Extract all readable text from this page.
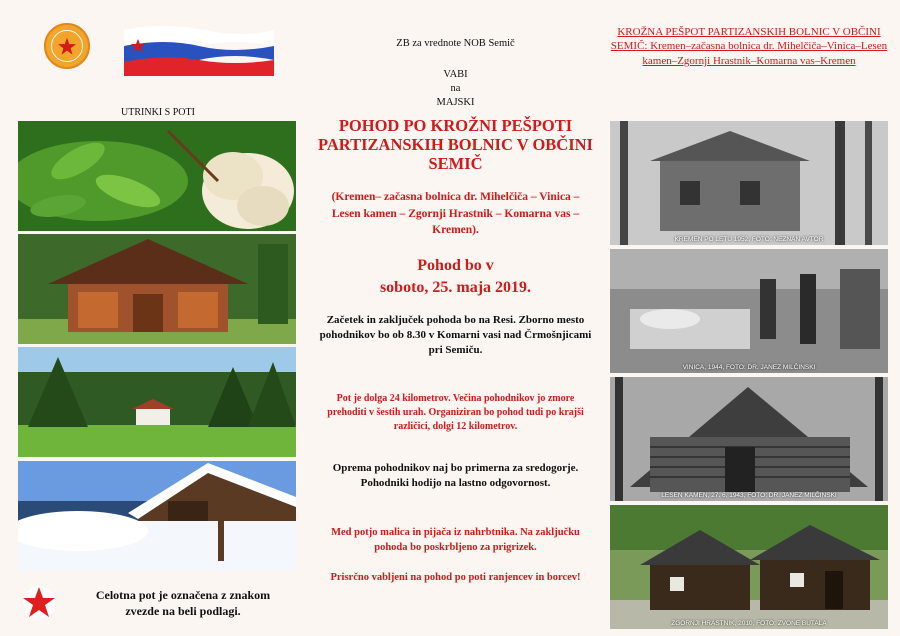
UTRINKI S POTI
Celotna pot je označena z znakom zvezde na beli podlagi.
ZB za vrednote NOB Semič
VABI
na
MAJSKI
POHOD PO KROŽNI PEŠPOTI PARTIZANSKIH BOLNIC V OBČINI SEMIČ
(Kremen– začasna bolnica dr. Mihelčiča – Vinica – Lesen kamen – Zgornji Hrastnik – Komarna vas – Kremen).
Pohod bo v
soboto, 25. maja 2019.
Začetek in zaključek pohoda bo na Resi. Zborno mesto pohodnikov bo ob 8.30 v Komarni vasi nad Črmošnjicami pri Semiču.
Pot je dolga 24 kilometrov. Večina pohodnikov jo zmore prehoditi v šestih urah. Organiziran bo pohod tudi po krajši različici, dolgi 12 kilometrov.
Oprema pohodnikov naj bo primerna za sredogorje. Pohodniki hodijo na lastno odgovornost.
Med potjo malica in pijača iz nahrbtnika. Na zaključku pohoda bo poskrbljeno za prigrizek.
Prisrčno vabljeni na pohod po poti ranjencev in borcev!
KROŽNA PEŠPOT PARTIZANSKIH BOLNIC V OBČINI SEMIČ: Kremen–začasna bolnica dr. Mihelčiča–Vinica–Lesen kamen–Zgornji Hrastnik–Komarna vas–Kremen
KREMEN PO LETU 1952, FOTO: NEZNAN AVTOR
VINICA, 1944, FOTO: DR. JANEZ MILČINSKI
LESEN KAMEN, 27. 6. 1943, FOTO: DR. JANEZ MILČINSKI
ZGORNJI HRASTNIK, 2010, FOTO: ZVONE BUTALA
